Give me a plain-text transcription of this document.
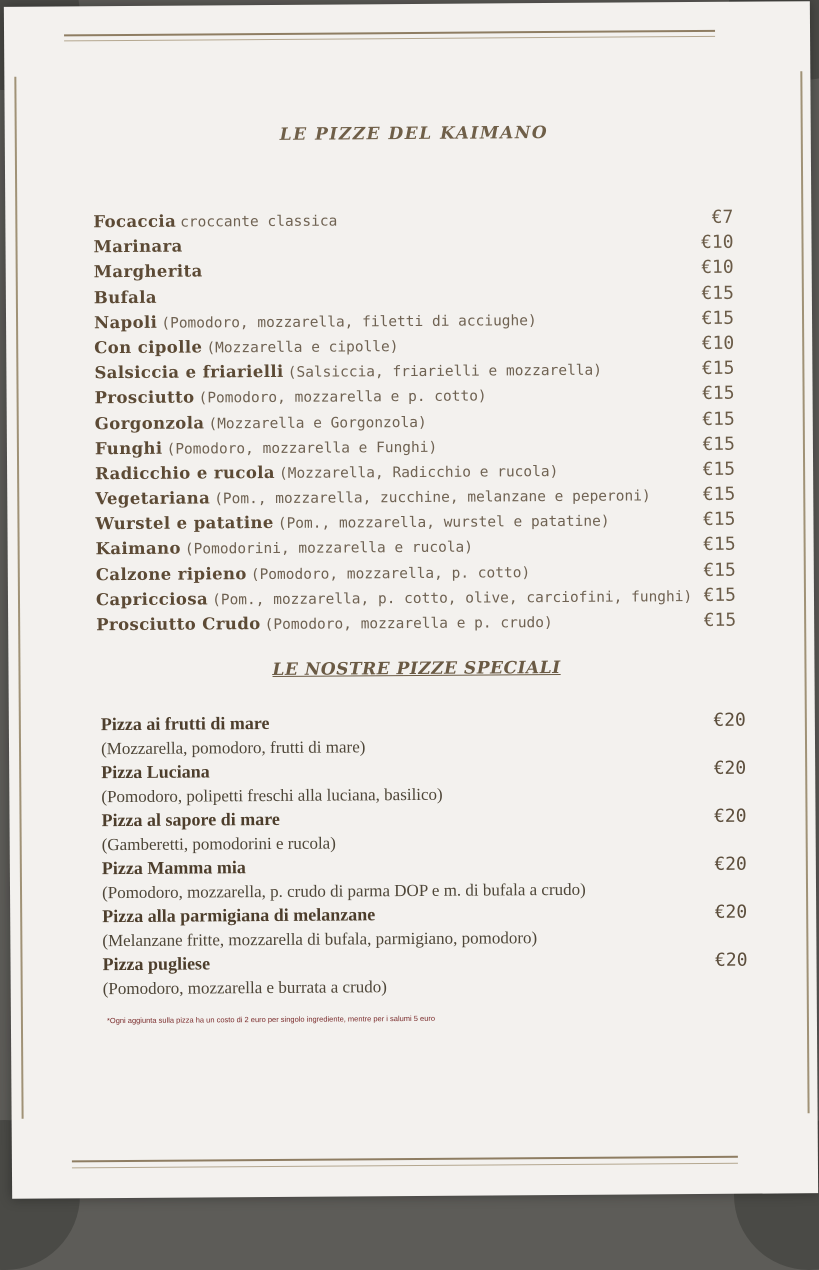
LE PIZZE DEL KAIMANO
Focaccia croccante classica	€7
Marinara	€10
Margherita	€10
Bufala	€15
Napoli (Pomodoro, mozzarella, filetti di acciughe)	€15
Con cipolle (Mozzarella e cipolle)	€10
Salsiccia e friarielli (Salsiccia, friarielli e mozzarella)	€15
Prosciutto (Pomodoro, mozzarella e p. cotto)	€15
Gorgonzola (Mozzarella e Gorgonzola)	€15
Funghi (Pomodoro, mozzarella e Funghi)	€15
Radicchio e rucola (Mozzarella, Radicchio e rucola)	€15
Vegetariana (Pom., mozzarella, zucchine, melanzane e peperoni)	€15
Wurstel e patatine (Pom., mozzarella, wurstel e patatine)	€15
Kaimano (Pomodorini, mozzarella e rucola)	€15
Calzone ripieno (Pomodoro, mozzarella, p. cotto)	€15
Capricciosa (Pom., mozzarella, p. cotto, olive, carciofini, funghi) €15
Prosciutto Crudo (Pomodoro, mozzarella e p. crudo)	€15
LE NOSTRE PIZZE SPECIALI
Pizza ai frutti di mare	€20
(Mozzarella, pomodoro, frutti di mare)
Pizza Luciana	€20
(Pomodoro, polipetti freschi alla luciana, basilico)
Pizza al sapore di mare	€20
(Gamberetti, pomodorini e rucola)
Pizza Mamma mia	€20
(Pomodoro, mozzarella, p. crudo di parma DOP e m. di bufala a crudo)
Pizza alla parmigiana di melanzane	€20
(Melanzane fritte, mozzarella di bufala, parmigiano, pomodoro)
Pizza pugliese	€20
(Pomodoro, mozzarella e burrata a crudo)
*Ogni aggiunta sulla pizza ha un costo di 2 euro per singolo ingrediente, mentre per i salumi 5 euro
